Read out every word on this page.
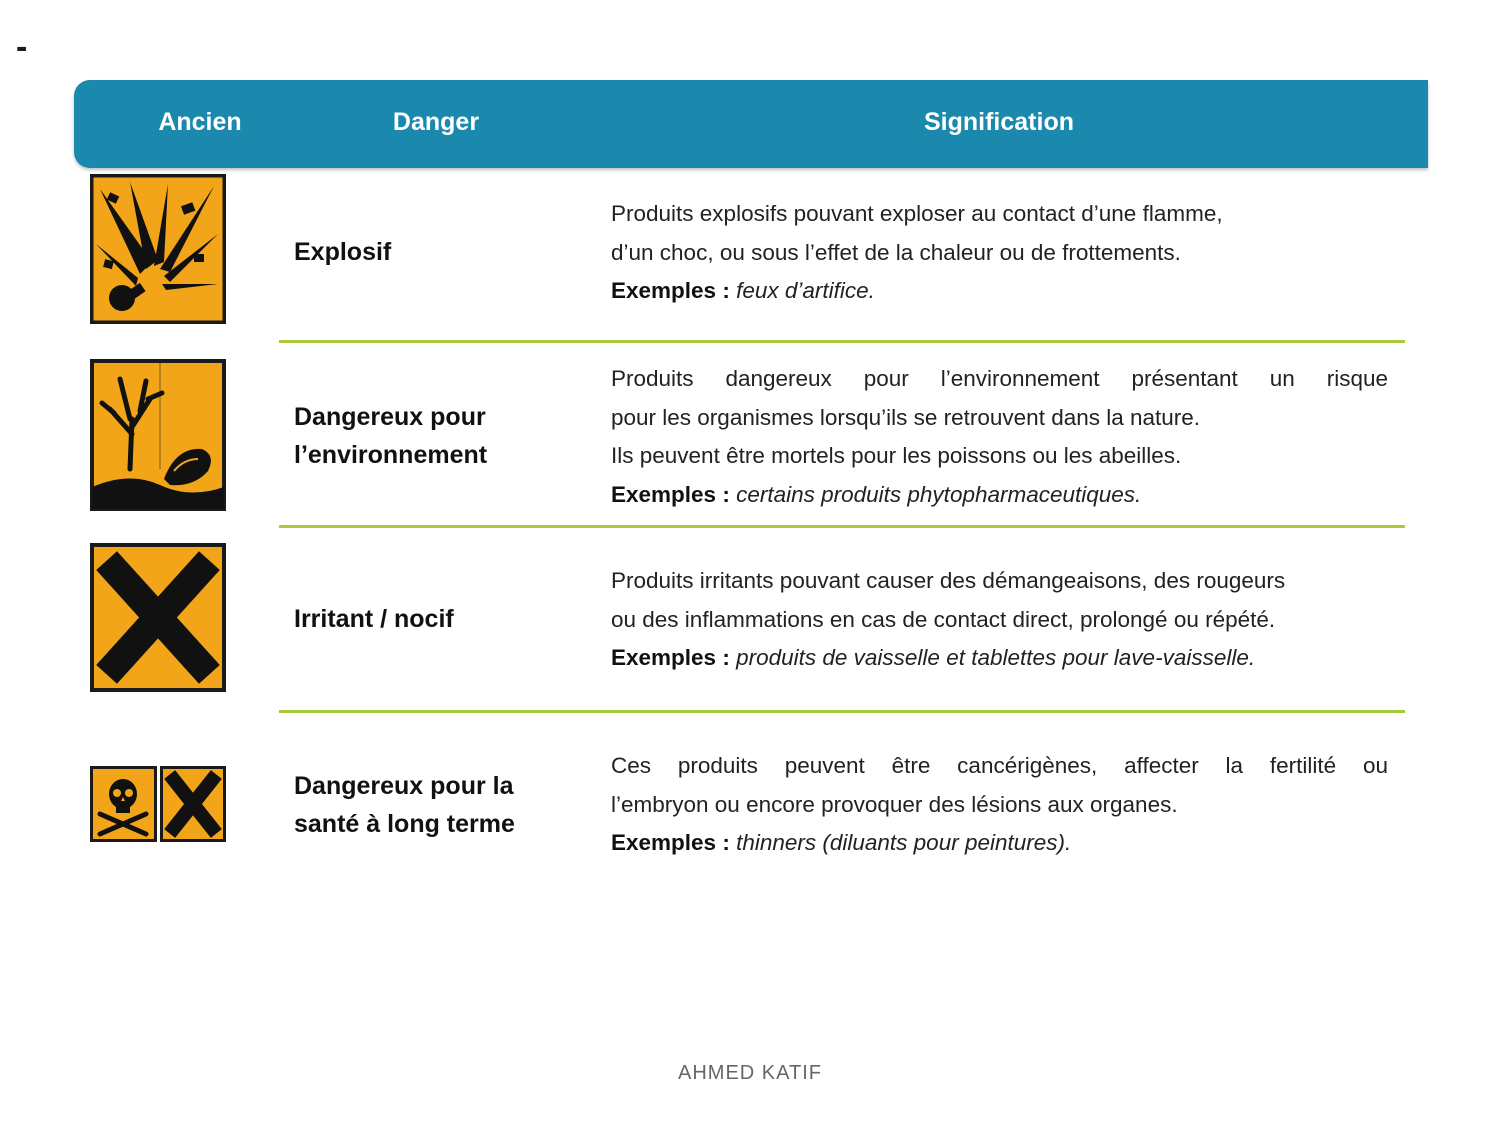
-
Ancien	Danger	Signification
Explosif
Produits explosifs pouvant exploser au contact d’une flamme,
d’un choc, ou sous l’effet de la chaleur ou de frottements.
Exemples : feux d’artifice.
Dangereux pour
l’environnement
Produits dangereux pour l’environnement présentant un risque
pour les organismes lorsqu’ils se retrouvent dans la nature.
Ils peuvent être mortels pour les poissons ou les abeilles.
Exemples : certains produits phytopharmaceutiques.
Irritant / nocif
Produits irritants pouvant causer des démangeaisons, des rougeurs
ou des inflammations en cas de contact direct, prolongé ou répété.
Exemples : produits de vaisselle et tablettes pour lave-vaisselle.
Dangereux pour la
santé à long terme
Ces produits peuvent être cancérigènes, affecter la fertilité ou
l’embryon ou encore provoquer des lésions aux organes.
Exemples : thinners (diluants pour peintures).
AHMED KATIF
